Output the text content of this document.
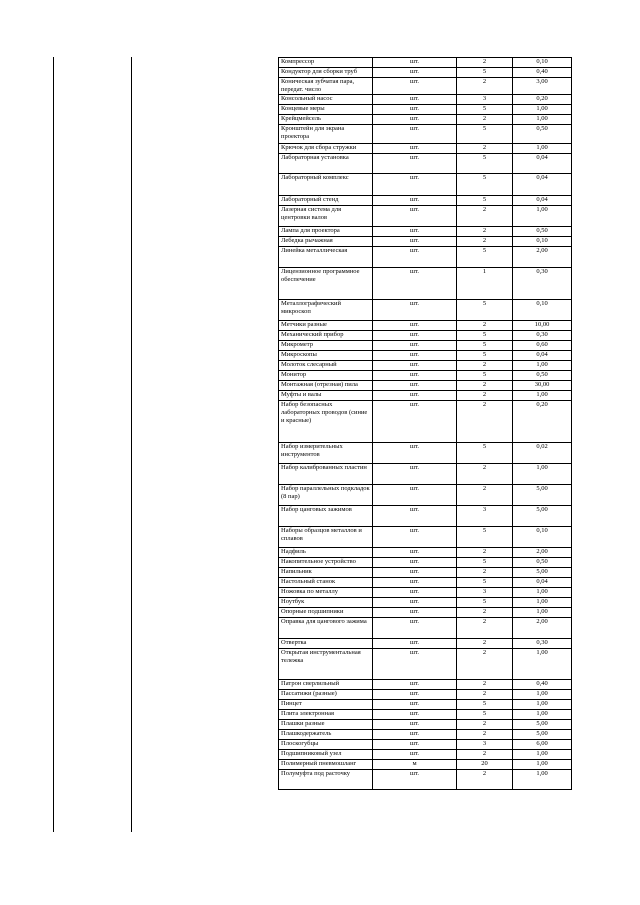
Компрессор	шт.	2	0,10
Кондуктор для сборки труб	шт.	5	0,40
Коническая зубчатая пара, передат. число	шт.	2	3,00
Консольный насос	шт.	3	0,20
Концевые меры	шт.	5	1,00
Крейцмейсель	шт.	2	1,00
Кронштейн для экрана проектора	шт.	5	0,50
Крючок для сбора стружки	шт.	2	1,00
Лабораторная установка	шт.	5	0,04
Лабораторный комплекс	шт.	5	0,04
Лабораторный стенд	шт.	5	0,04
Лазерная система для центровки валов	шт.	2	1,00
Лампа для проектора	шт.	2	0,50
Лебедка рычажная	шт.	2	0,10
Линейка металлическая	шт.	5	2,00
Лицензионное программное обеспечение	шт.	1	0,30
Металлографический микроскоп	шт.	5	0,10
Метчики разные	шт.	2	10,00
Механический прибор	шт.	5	0,30
Микрометр	шт.	5	0,60
Микроскопы	шт.	5	0,04
Молоток слесарный	шт.	2	1,00
Монитор	шт.	5	0,50
Монтажная (отрезная) пила	шт.	2	30,00
Муфты и валы	шт.	2	1,00
Набор безопасных лабораторных проводов (синие и красные)	шт.	2	0,20
Набор измерительных инструментов	шт.	5	0,02
Набор калиброванных пластин	шт.	2	1,00
Набор параллельных подкладок (8 пар)	шт.	2	5,00
Набор цанговых зажимов	шт.	3	5,00
Наборы образцов металлов и сплавов	шт.	5	0,10
Надфиль	шт.	2	2,00
Накопительное устройство	шт.	5	0,50
Напильник	шт.	2	5,00
Настольный станок	шт.	5	0,04
Ножовка по металлу	шт.	3	1,00
Ноутбук	шт.	5	1,00
Опорные подшипники	шт.	2	1,00
Оправка для цангового зажима	шт.	2	2,00
Отвертка	шт.	2	0,30
Открытая инструментальная тележка	шт.	2	1,00
Патрон сверлильный	шт.	2	0,40
Пассатижи (разные)	шт.	2	1,00
Пинцет	шт.	5	1,00
Плита электронная	шт.	5	1,00
Плашки разные	шт.	2	5,00
Плашкодержатель	шт.	2	5,00
Плоскогубцы	шт.	3	6,00
Подшипниковый узел	шт.	2	1,00
Полимерный пневмошланг	м	20	1,00
Полумуфта под расточку	шт.	2	1,00
